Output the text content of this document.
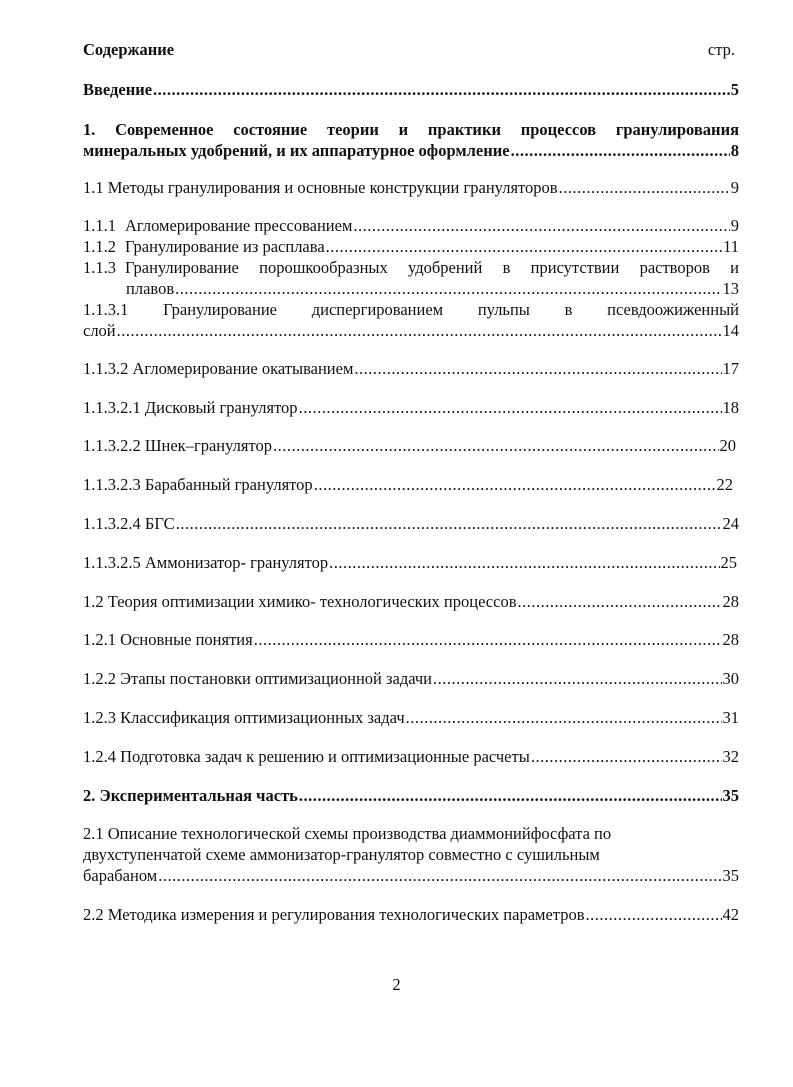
Содержание	стр.
Введение .....	5
1. Современное состояние теории и практики процессов гранулирования
минеральных удобрений, и их аппаратурное оформление .....	8
1.1 Методы гранулирования и основные конструкции грануляторов .....	9
1.1.1 Агломерирование прессованием .....	9
1.1.2 Гранулирование из расплава .....	11
1.1.3 Гранулирование порошкообразных удобрений в присутствии растворов и
плавов .....	13
1.1.3.1 Гранулирование диспергированием пульпы в псевдоожиженный
слой .....	14
1.1.3.2 Агломерирование окатыванием .....	17
1.1.3.2.1 Дисковый гранулятор .....	18
1.1.3.2.2 Шнек–гранулятор .....	20
1.1.3.2.3 Барабанный гранулятор .....	22
1.1.3.2.4 БГС .....	24
1.1.3.2.5 Аммонизатор- гранулятор .....	25
1.2 Теория оптимизации химико- технологических процессов .....	28
1.2.1 Основные понятия .....	28
1.2.2 Этапы постановки оптимизационной задачи .....	30
1.2.3 Классификация оптимизационных задач .....	31
1.2.4 Подготовка задач к решению и оптимизационные расчеты .....	32
2. Экспериментальная часть .....	35
2.1 Описание технологической схемы производства диаммонийфосфата по
двухступенчатой схеме аммонизатор-гранулятор совместно с сушильным
барабаном .....	35
2.2 Методика измерения и регулирования технологических параметров .....	42
2
